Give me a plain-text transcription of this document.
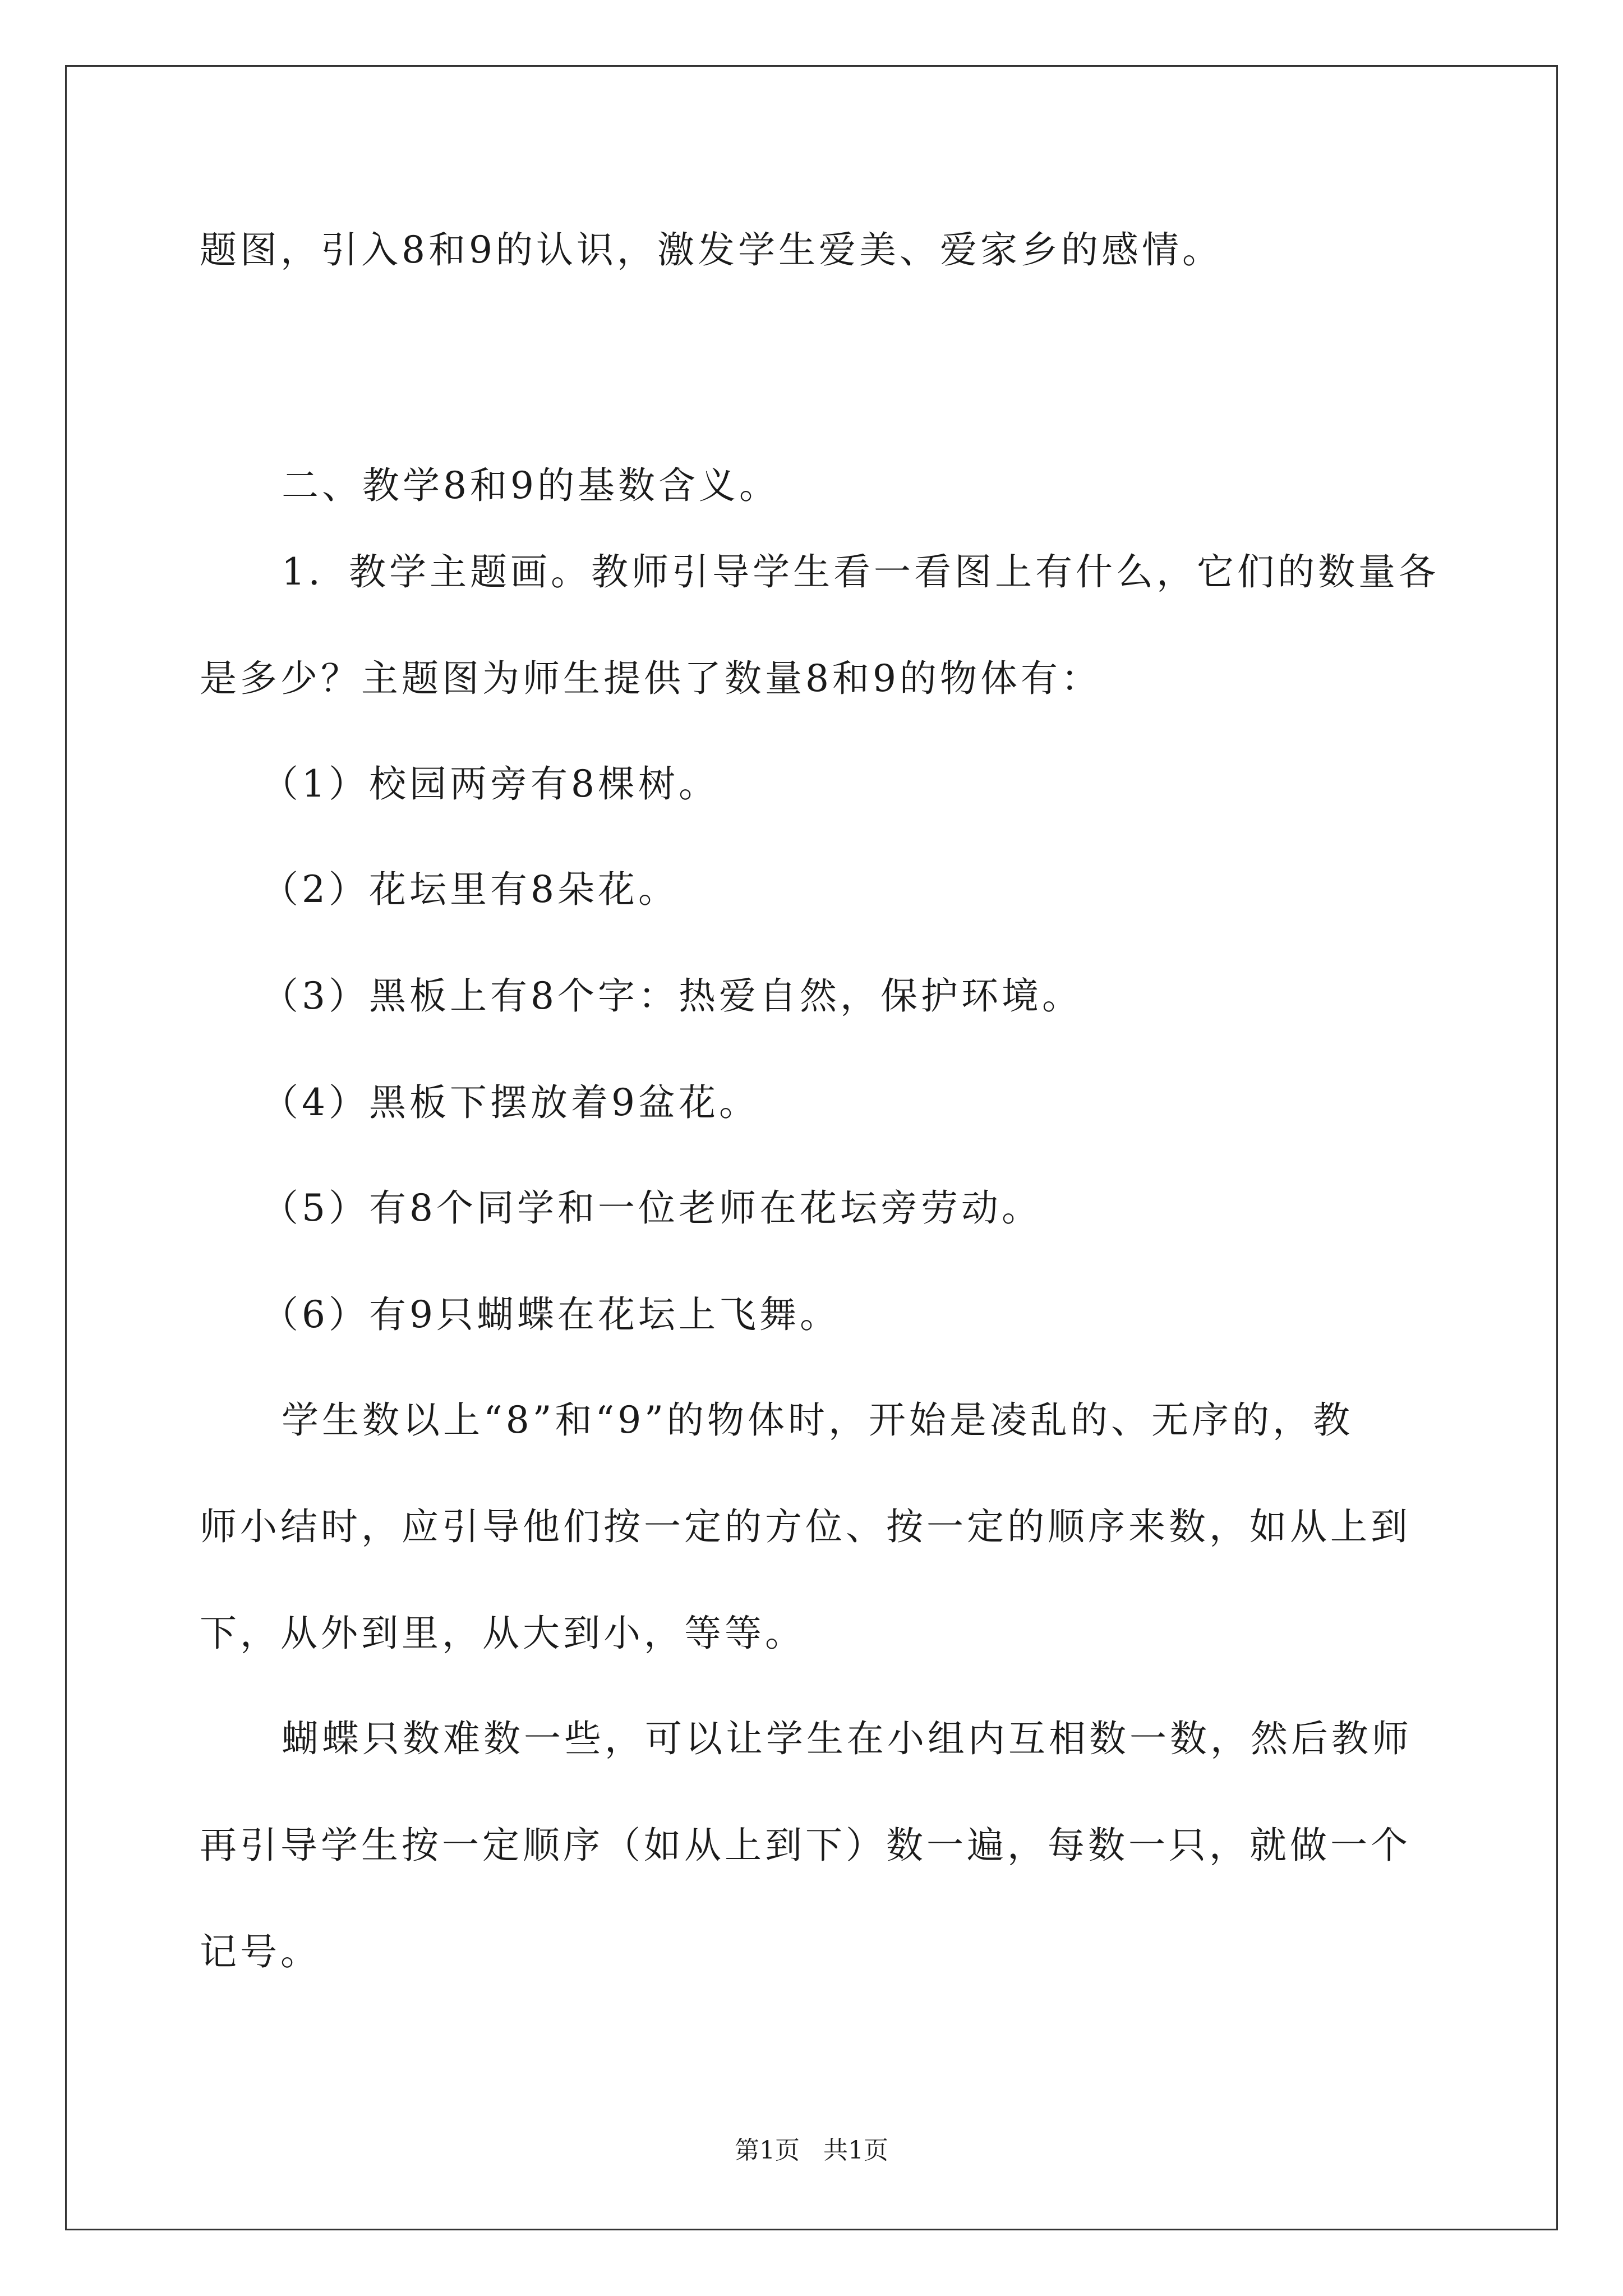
题图，引入8和9的认识，激发学生爱美、爱家乡的感情。
二、教学8和9的基数含义。
1．教学主题画。教师引导学生看一看图上有什么，它们的数量各
是多少？主题图为师生提供了数量8和9的物体有：
（1）校园两旁有8棵树。
（2）花坛里有8朵花。
（3）黑板上有8个字：热爱自然，保护环境。
（4）黑板下摆放着9盆花。
（5）有8个同学和一位老师在花坛旁劳动。
（6）有9只蝴蝶在花坛上飞舞。
学生数以上“8”和“9”的物体时，开始是凌乱的、无序的，教
师小结时，应引导他们按一定的方位、按一定的顺序来数，如从上到
下，从外到里，从大到小，等等。
蝴蝶只数难数一些，可以让学生在小组内互相数一数，然后教师
再引导学生按一定顺序（如从上到下）数一遍，每数一只，就做一个
记号。
第1页   共1页
